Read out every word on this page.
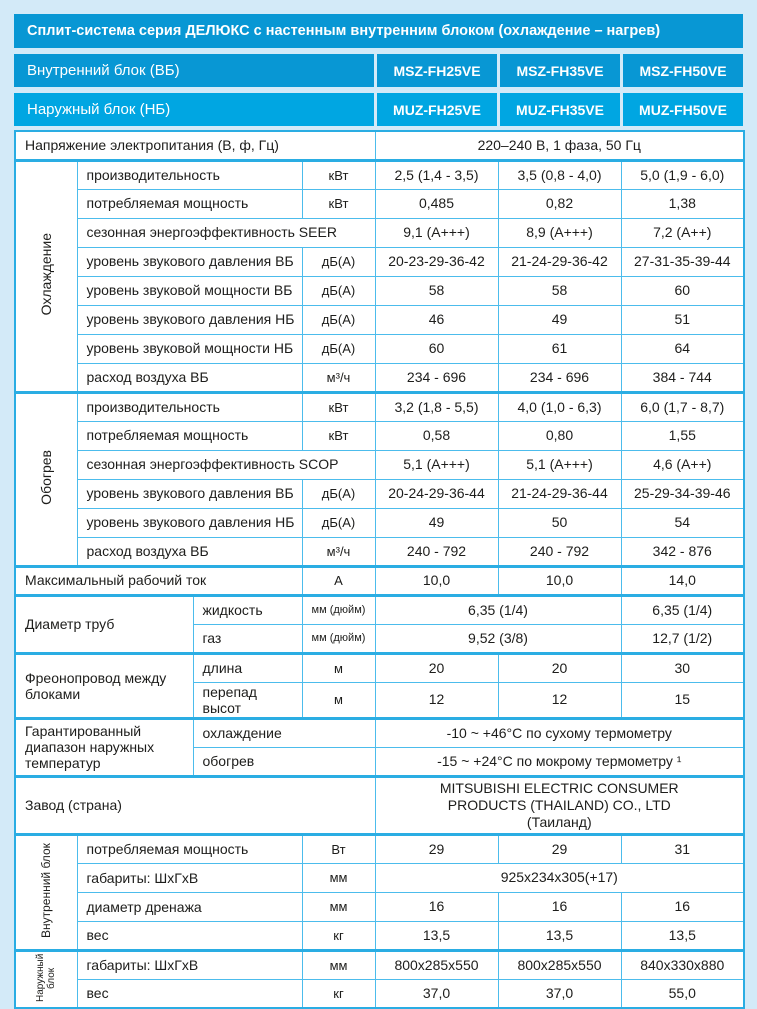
Сплит-система серия ДЕЛЮКС с настенным внутренним блоком (охлаждение – нагрев)
Внутренний блок (ВБ)	MSZ-FH25VE	MSZ-FH35VE	MSZ-FH50VE
Наружный блок (НБ)	MUZ-FH25VE	MUZ-FH35VE	MUZ-FH50VE
Напряжение электропитания (В, ф, Гц)				220–240 В, 1 фаза, 50 Гц		
Охлаждение	производительность		кВт	2,5 (1,4 - 3,5)	3,5 (0,8 - 4,0)	5,0 (1,9 - 6,0)
	потребляемая мощность		кВт	0,485	0,82	1,38
	сезонная энергоэффективность SEER			9,1 (A+++)	8,9 (A+++)	7,2 (A++)
	уровень звукового давления ВБ		дБ(А)	20-23-29-36-42	21-24-29-36-42	27-31-35-39-44
	уровень звуковой мощности ВБ		дБ(А)	58	58	60
	уровень звукового давления НБ		дБ(А)	46	49	51
	уровень звуковой мощности НБ		дБ(А)	60	61	64
	расход воздуха ВБ		м³/ч	234 - 696	234 - 696	384 - 744
Обогрев	производительность		кВт	3,2 (1,8 - 5,5)	4,0 (1,0 - 6,3)	6,0 (1,7 - 8,7)
	потребляемая мощность		кВт	0,58	0,80	1,55
	сезонная энергоэффективность SCOP			5,1 (A+++)	5,1 (A+++)	4,6 (A++)
	уровень звукового давления ВБ		дБ(А)	20-24-29-36-44	21-24-29-36-44	25-29-34-39-46
	уровень звукового давления НБ		дБ(А)	49	50	54
	расход воздуха ВБ		м³/ч	240 - 792	240 - 792	342 - 876
Максимальный рабочий ток			А	10,0	10,0	14,0
Диаметр труб		жидкость	мм (дюйм)	6,35 (1/4)		6,35 (1/4)
		газ	мм (дюйм)	9,52 (3/8)		12,7 (1/2)
Фреонопровод между блоками		длина	м	20	20	30
		перепад высот	м	12	12	15
Гарантированный диапазон наружных температур		охлаждение		-10 ~ +46°С по сухому термометру		
		обогрев		-15 ~ +24°С по мокрому термометру ¹		
Завод (страна)				MITSUBISHI ELECTRIC CONSUMER PRODUCTS (THAILAND) CO., LTD (Таиланд)		
Внутренний блок	потребляемая мощность		Вт	29	29	31
	габариты: ШхГхВ		мм	925x234x305(+17)		
	диаметр дренажа		мм	16	16	16
	вес		кг	13,5	13,5	13,5
Наружный блок	габариты: ШхГхВ		мм	800x285x550	800x285x550	840x330x880
	вес		кг	37,0	37,0	55,0
